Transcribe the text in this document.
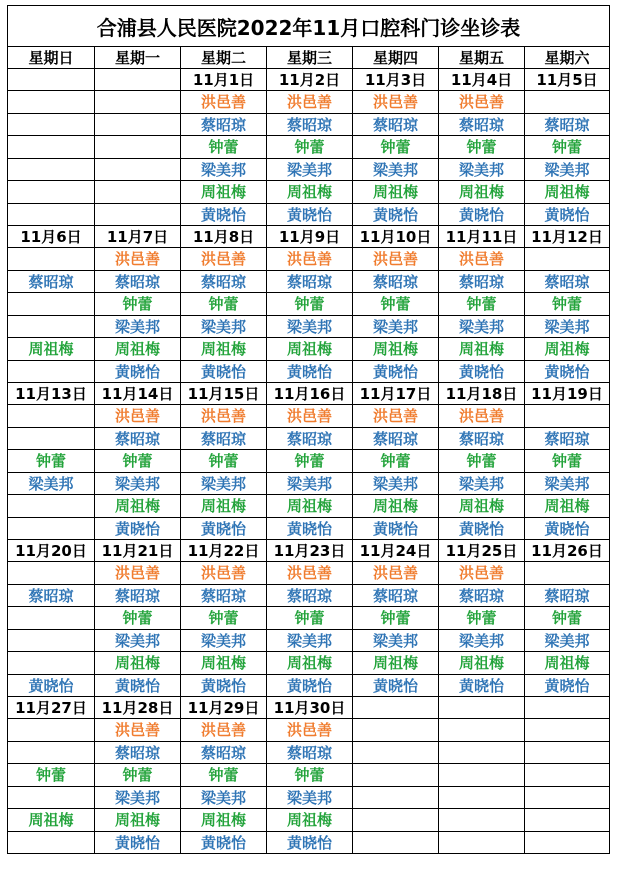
合浦县人民医院2022年11月口腔科门诊坐诊表						
星期日	星期一	星期二	星期三	星期四	星期五	星期六
		11月1日	11月2日	11月3日	11月4日	11月5日
		洪邑善	洪邑善	洪邑善	洪邑善	
		蔡昭琼	蔡昭琼	蔡昭琼	蔡昭琼	蔡昭琼
		钟蕾	钟蕾	钟蕾	钟蕾	钟蕾
		梁美邦	梁美邦	梁美邦	梁美邦	梁美邦
		周祖梅	周祖梅	周祖梅	周祖梅	周祖梅
		黄晓怡	黄晓怡	黄晓怡	黄晓怡	黄晓怡
11月6日	11月7日	11月8日	11月9日	11月10日	11月11日	11月12日
	洪邑善	洪邑善	洪邑善	洪邑善	洪邑善	
蔡昭琼	蔡昭琼	蔡昭琼	蔡昭琼	蔡昭琼	蔡昭琼	蔡昭琼
	钟蕾	钟蕾	钟蕾	钟蕾	钟蕾	钟蕾
	梁美邦	梁美邦	梁美邦	梁美邦	梁美邦	梁美邦
周祖梅	周祖梅	周祖梅	周祖梅	周祖梅	周祖梅	周祖梅
	黄晓怡	黄晓怡	黄晓怡	黄晓怡	黄晓怡	黄晓怡
11月13日	11月14日	11月15日	11月16日	11月17日	11月18日	11月19日
	洪邑善	洪邑善	洪邑善	洪邑善	洪邑善	
	蔡昭琼	蔡昭琼	蔡昭琼	蔡昭琼	蔡昭琼	蔡昭琼
钟蕾	钟蕾	钟蕾	钟蕾	钟蕾	钟蕾	钟蕾
梁美邦	梁美邦	梁美邦	梁美邦	梁美邦	梁美邦	梁美邦
	周祖梅	周祖梅	周祖梅	周祖梅	周祖梅	周祖梅
	黄晓怡	黄晓怡	黄晓怡	黄晓怡	黄晓怡	黄晓怡
11月20日	11月21日	11月22日	11月23日	11月24日	11月25日	11月26日
	洪邑善	洪邑善	洪邑善	洪邑善	洪邑善	
蔡昭琼	蔡昭琼	蔡昭琼	蔡昭琼	蔡昭琼	蔡昭琼	蔡昭琼
	钟蕾	钟蕾	钟蕾	钟蕾	钟蕾	钟蕾
	梁美邦	梁美邦	梁美邦	梁美邦	梁美邦	梁美邦
	周祖梅	周祖梅	周祖梅	周祖梅	周祖梅	周祖梅
黄晓怡	黄晓怡	黄晓怡	黄晓怡	黄晓怡	黄晓怡	黄晓怡
11月27日	11月28日	11月29日	11月30日			
	洪邑善	洪邑善	洪邑善			
	蔡昭琼	蔡昭琼	蔡昭琼			
钟蕾	钟蕾	钟蕾	钟蕾			
	梁美邦	梁美邦	梁美邦			
周祖梅	周祖梅	周祖梅	周祖梅			
	黄晓怡	黄晓怡	黄晓怡			
